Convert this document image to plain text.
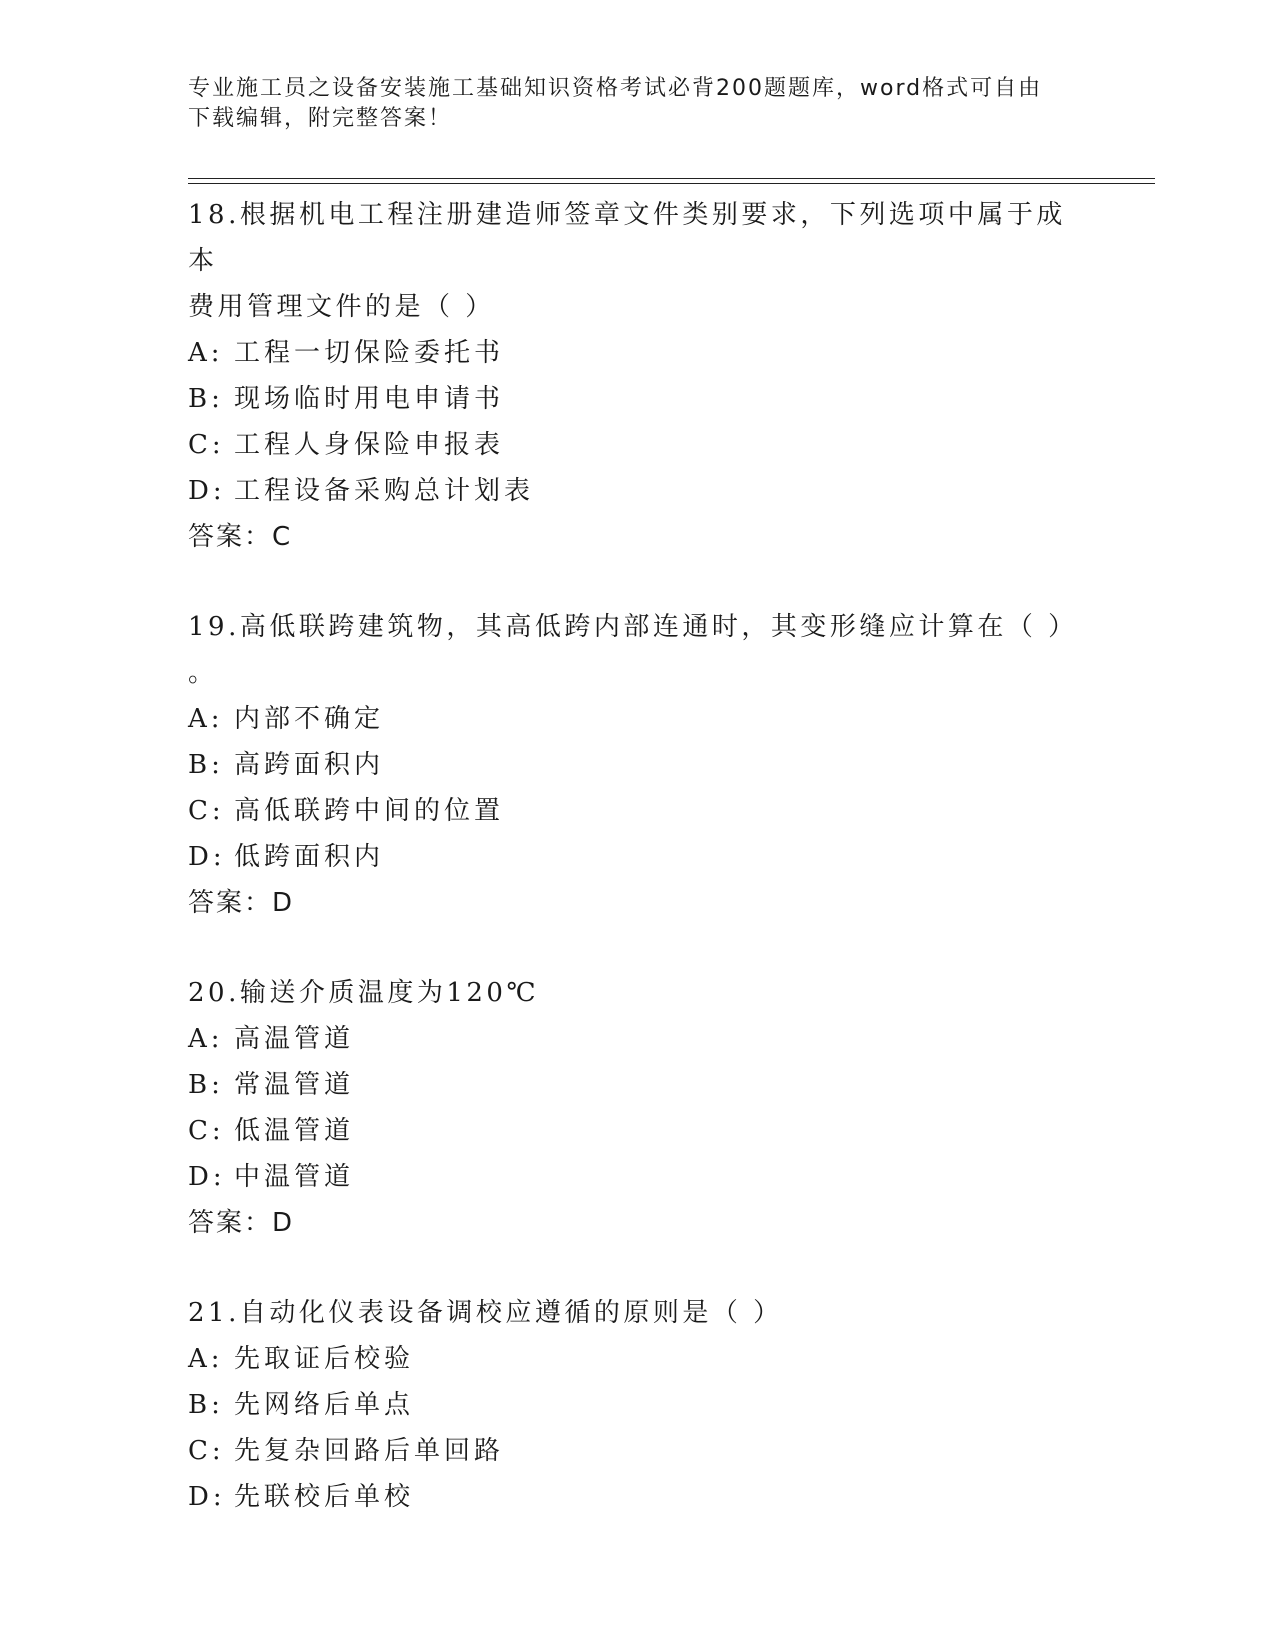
专业施工员之设备安装施工基础知识资格考试必背200题题库，word格式可自由
下载编辑，附完整答案！

18.根据机电工程注册建造师签章文件类别要求，下列选项中属于成本

费用管理文件的是（ ）

A: 工程一切保险委托书

B: 现场临时用电申请书

C: 工程人身保险申报表

D: 工程设备采购总计划表

答案：C

19.高低联跨建筑物，其高低跨内部连通时，其变形缝应计算在（ ）

。

A: 内部不确定

B: 高跨面积内

C: 高低联跨中间的位置

D: 低跨面积内

答案：D

20.输送介质温度为120℃

A: 高温管道

B: 常温管道

C: 低温管道

D: 中温管道

答案：D

21.自动化仪表设备调校应遵循的原则是（ ）

A: 先取证后校验

B: 先网络后单点

C: 先复杂回路后单回路

D: 先联校后单校
